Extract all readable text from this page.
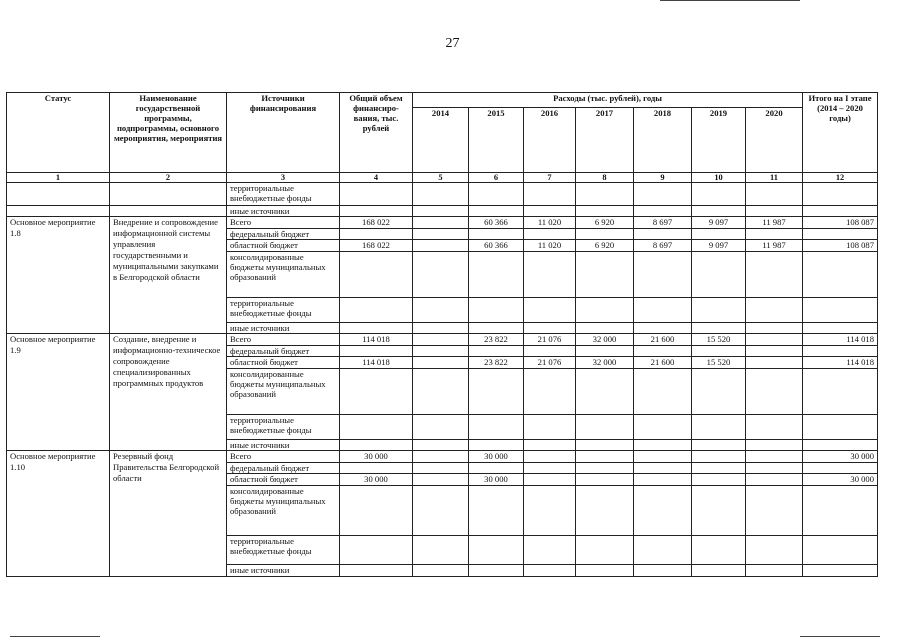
27
Статус	Наименование государственной программы, подпрограммы, основного мероприятия, мероприятия	Источники финансирования	Общий объем финансиро-вания, тыс. рублей	Расходы (тыс. рублей), годы							Итого на I этапе (2014 – 2020 годы)
				2014	2015	2016	2017	2018	2019	2020	
1	2	3	4	5	6	7	8	9	10	11	12
		территориальные внебюджетные фонды									
		иные источники									
Основное мероприятие 1.8	Внедрение и сопровождение информационной системы управления государственными и муниципальными закупками в Белгородской области	Всего	168 022		60 366	11 020	6 920	8 697	9 097	11 987	108 087
		федеральный бюджет									
		областной бюджет	168 022		60 366	11 020	6 920	8 697	9 097	11 987	108 087
		консолидированные бюджеты муниципальных образований									
		территориальные внебюджетные фонды									
		иные источники									
Основное мероприятие 1.9	Создание, внедрение и информационно-техническое сопровождение специализированных программных продуктов	Всего	114 018		23 822	21 076	32 000	21 600	15 520		114 018
		федеральный бюджет									
		областной бюджет	114 018		23 822	21 076	32 000	21 600	15 520		114 018
		консолидированные бюджеты муниципальных образований									
		территориальные внебюджетные фонды									
		иные источники									
Основное мероприятие 1.10	Резервный фонд Правительства Белгородской области	Всего	30 000		30 000						30 000
		федеральный бюджет									
		областной бюджет	30 000		30 000						30 000
		консолидированные бюджеты муниципальных образований									
		территориальные внебюджетные фонды									
		иные источники									
